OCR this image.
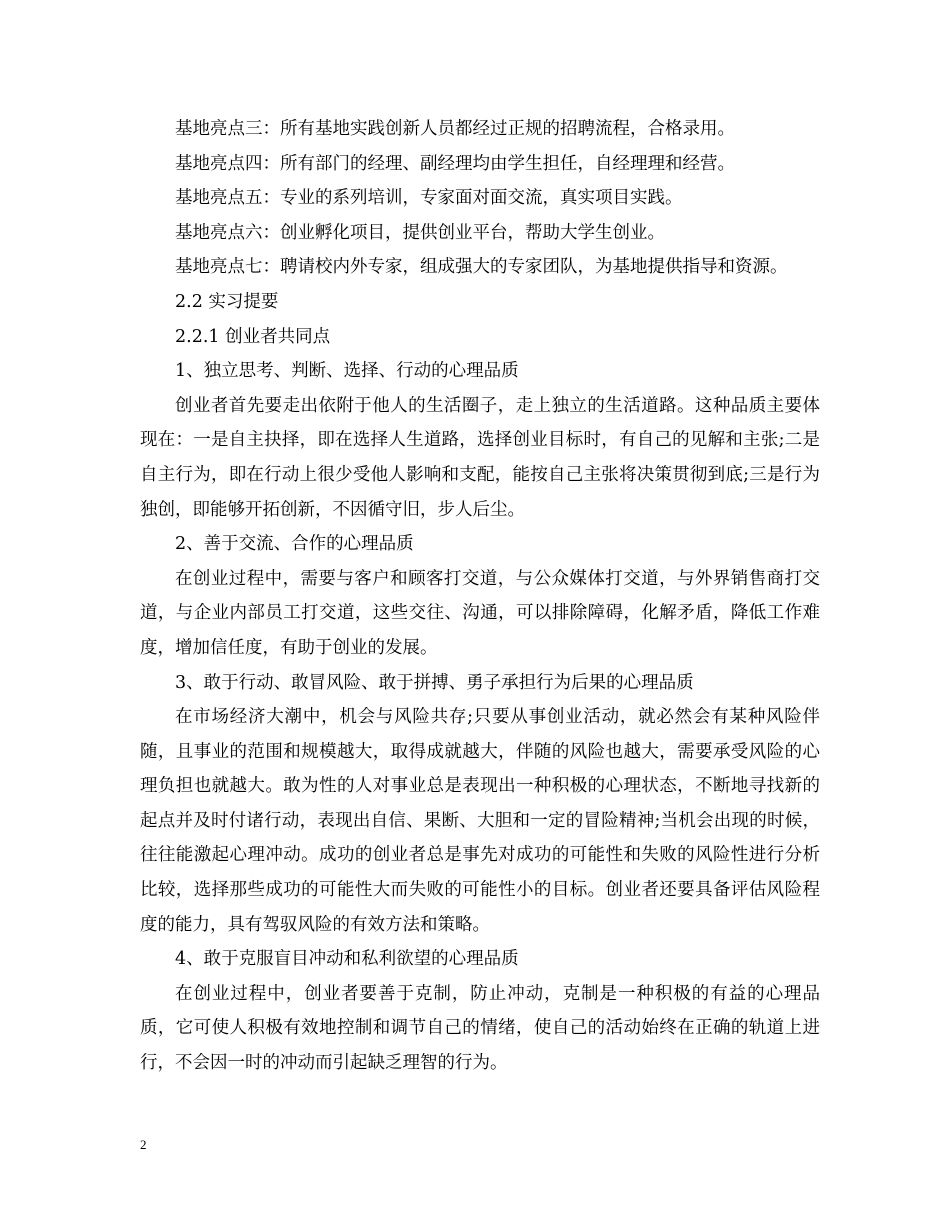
基地亮点三：所有基地实践创新人员都经过正规的招聘流程，合格录用。

基地亮点四：所有部门的经理、副经理均由学生担任，自经理理和经营。

基地亮点五：专业的系列培训，专家面对面交流，真实项目实践。

基地亮点六：创业孵化项目，提供创业平台，帮助大学生创业。

基地亮点七：聘请校内外专家，组成强大的专家团队，为基地提供指导和资源。

2.2 实习提要

2.2.1 创业者共同点

1、独立思考、判断、选择、行动的心理品质

创业者首先要走出依附于他人的生活圈子，走上独立的生活道路。这种品质主要体现在：一是自主抉择，即在选择人生道路，选择创业目标时，有自己的见解和主张;二是自主行为，即在行动上很少受他人影响和支配，能按自己主张将决策贯彻到底;三是行为独创，即能够开拓创新，不因循守旧，步人后尘。

2、善于交流、合作的心理品质

在创业过程中，需要与客户和顾客打交道，与公众媒体打交道，与外界销售商打交道，与企业内部员工打交道，这些交往、沟通，可以排除障碍，化解矛盾，降低工作难度，增加信任度，有助于创业的发展。

3、敢于行动、敢冒风险、敢于拼搏、勇子承担行为后果的心理品质

在市场经济大潮中，机会与风险共存;只要从事创业活动，就必然会有某种风险伴随，且事业的范围和规模越大，取得成就越大，伴随的风险也越大，需要承受风险的心理负担也就越大。敢为性的人对事业总是表现出一种积极的心理状态，不断地寻找新的起点并及时付诸行动，表现出自信、果断、大胆和一定的冒险精神;当机会出现的时候，往往能激起心理冲动。成功的创业者总是事先对成功的可能性和失败的风险性进行分析比较，选择那些成功的可能性大而失败的可能性小的目标。创业者还要具备评估风险程度的能力，具有驾驭风险的有效方法和策略。

4、敢于克服盲目冲动和私利欲望的心理品质

在创业过程中，创业者要善于克制，防止冲动，克制是一种积极的有益的心理品质，它可使人积极有效地控制和调节自己的情绪，使自己的活动始终在正确的轨道上进行，不会因一时的冲动而引起缺乏理智的行为。

2
